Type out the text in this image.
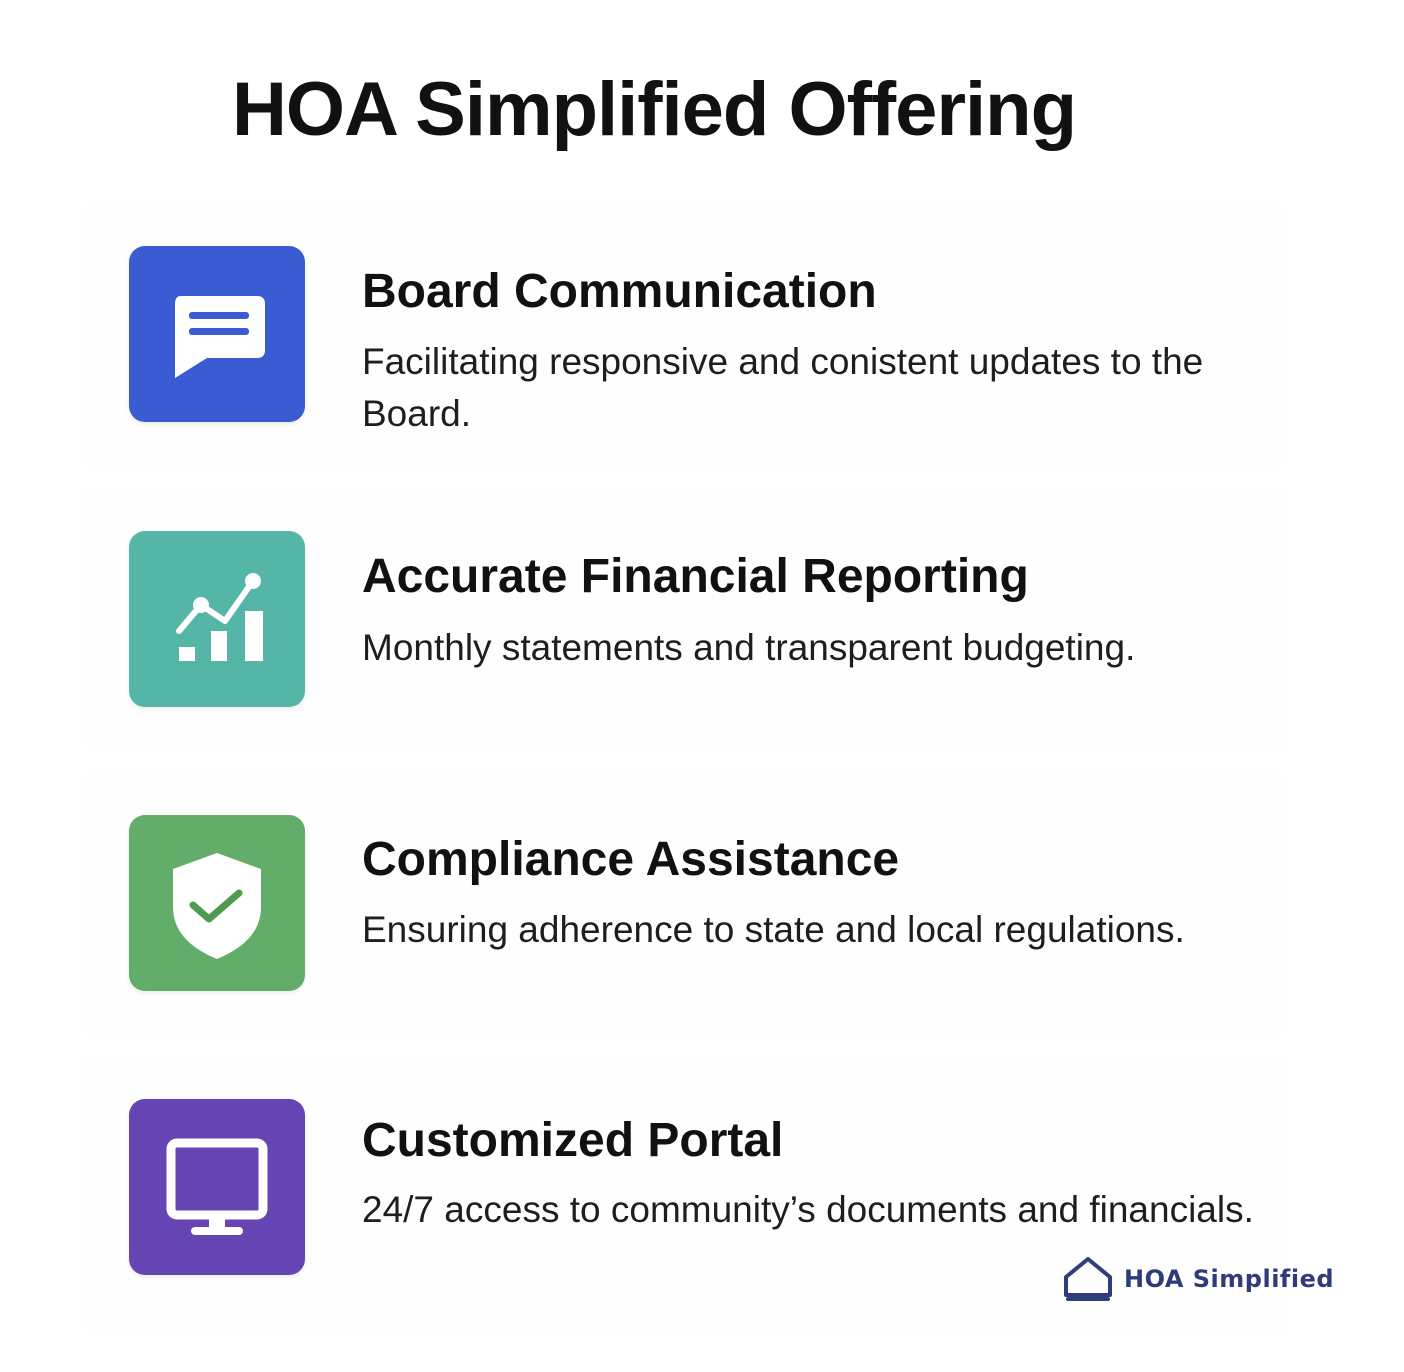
HOA Simplified Offering
Board Communication

Facilitating responsive and conistent updates to the Board.

Accurate Financial Reporting

Monthly statements and transparent budgeting.

Compliance Assistance

Ensuring adherence to state and local regulations.

Customized Portal

24/7 access to community’s documents and financials.

HOA Simplified
